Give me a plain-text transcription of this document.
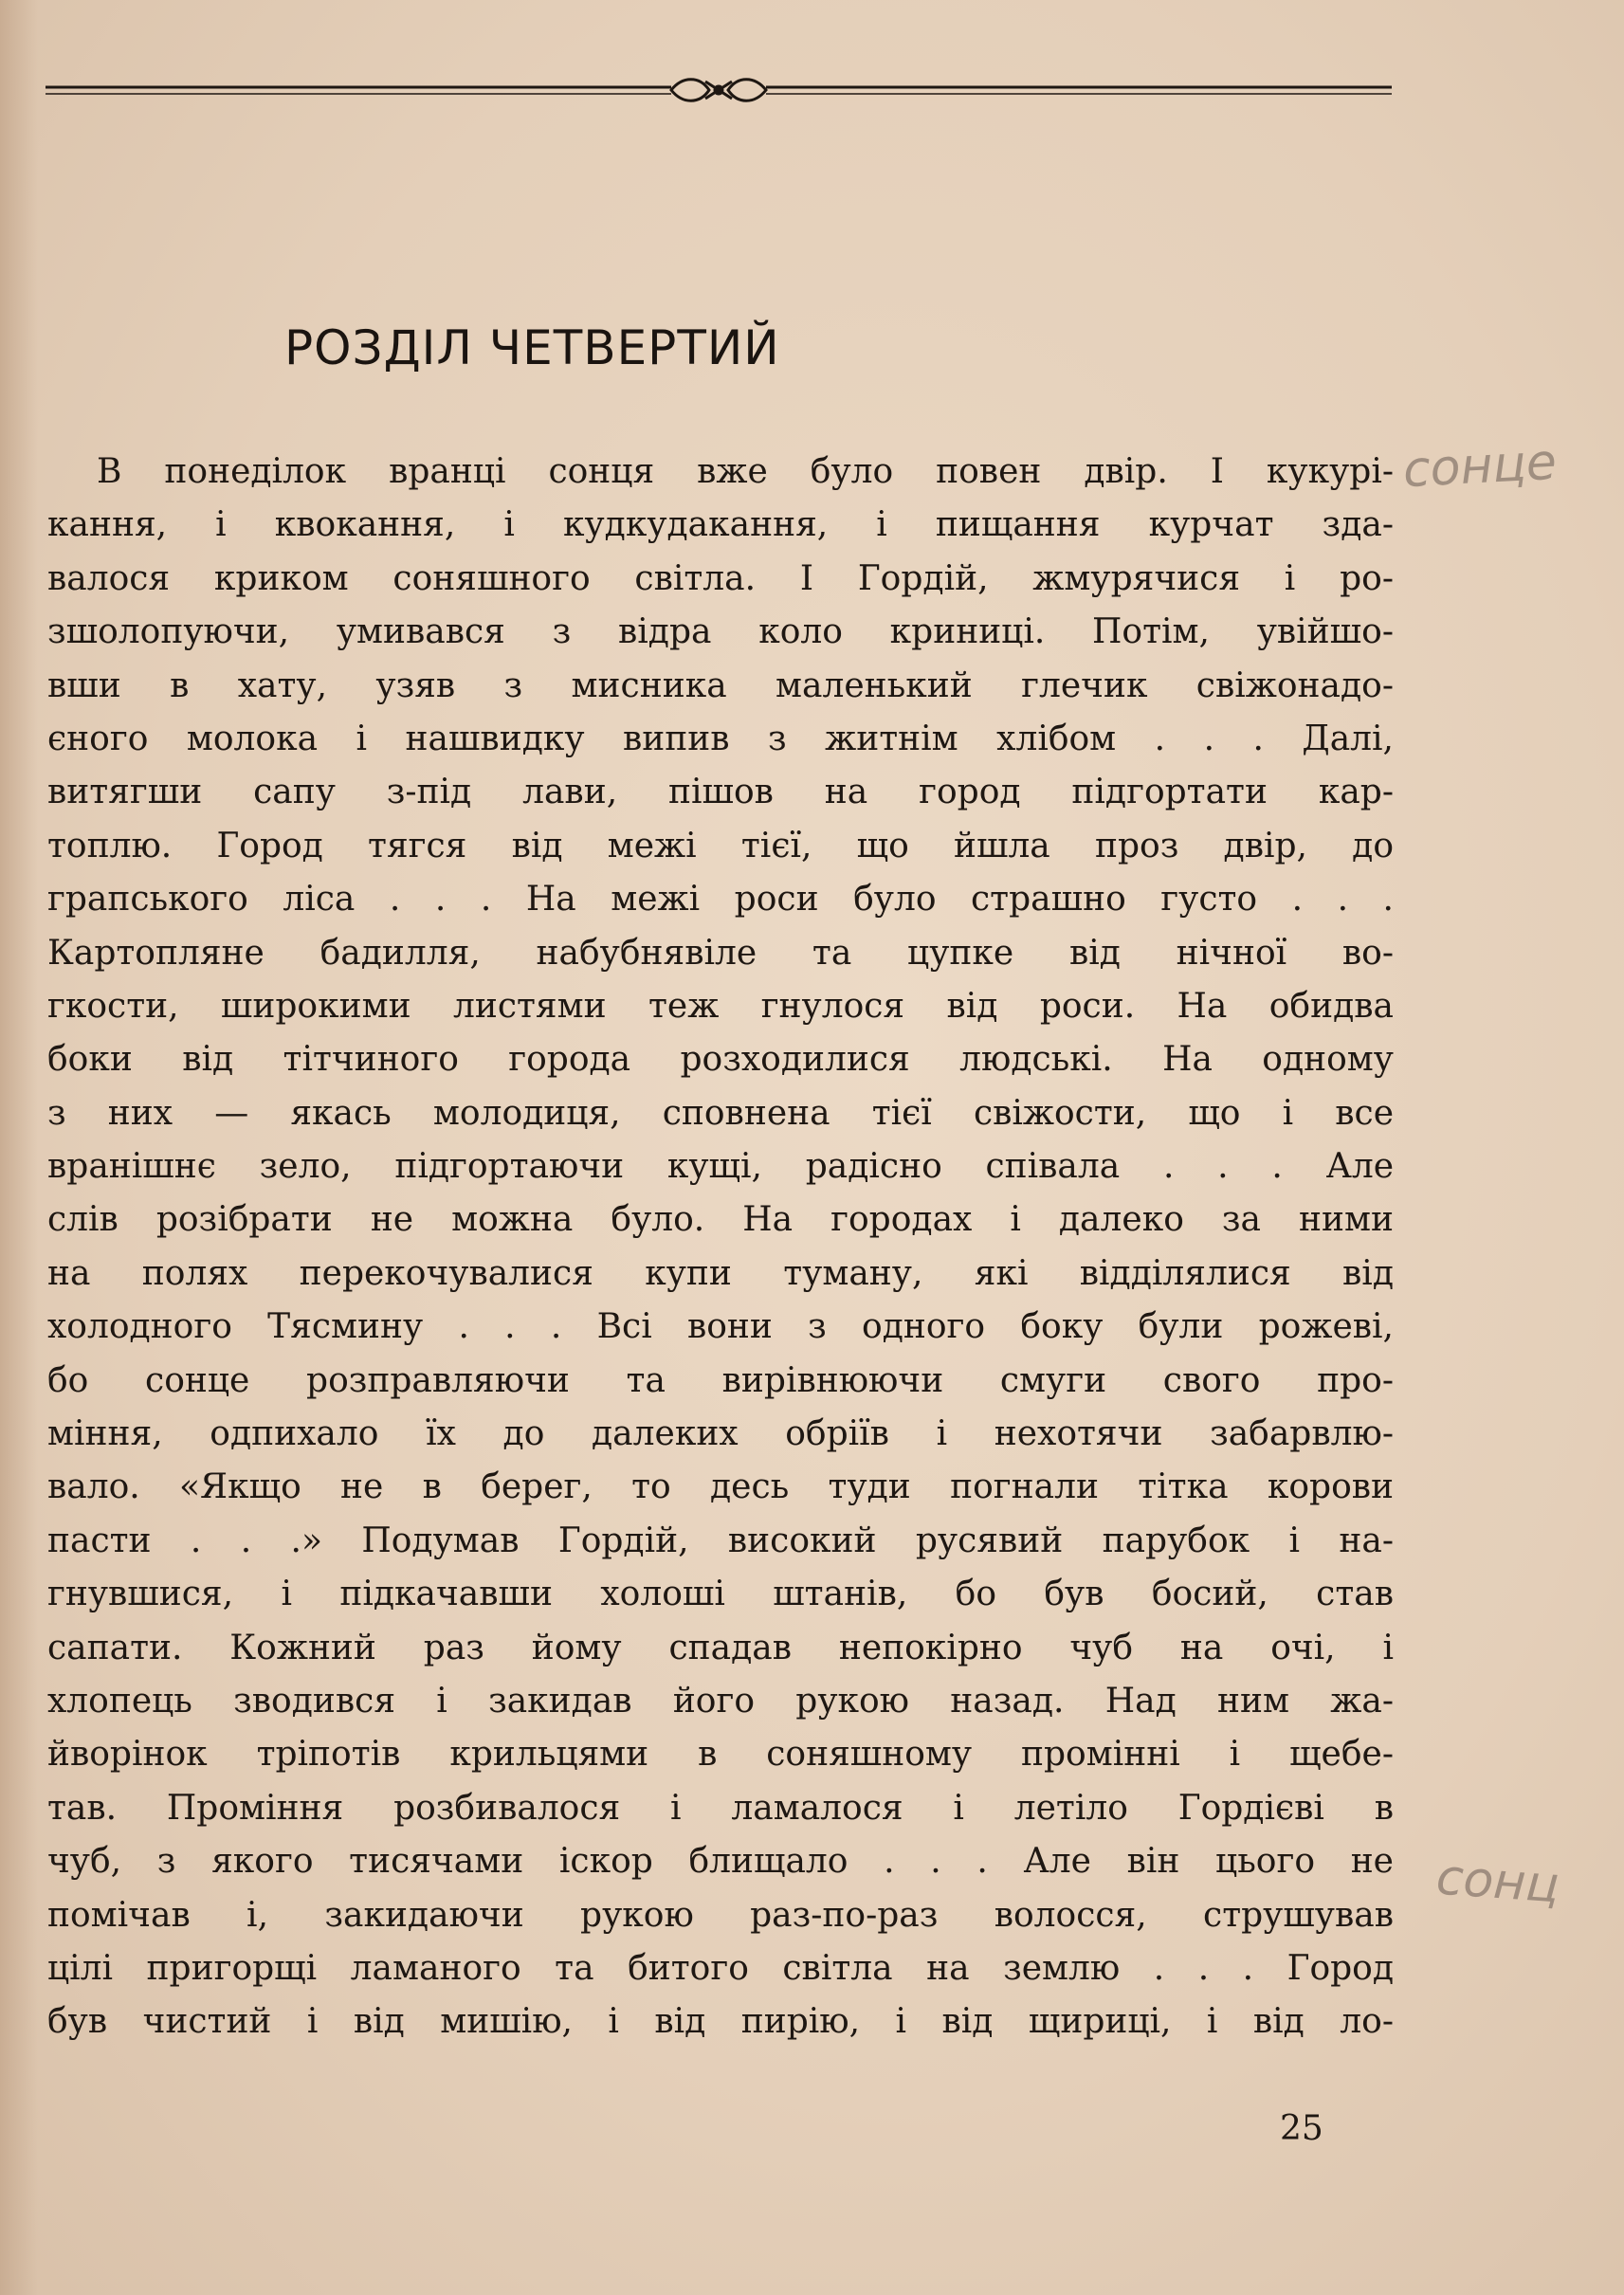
РОЗДІЛ ЧЕТВЕРТИЙ
В понеділок вранці сонця вже було повен двір. І кукурі-
кання, і квокання, і кудкудакання, і пищання курчат зда-
валося криком соняшного світла. І Гордій, жмурячися і ро-
зшолопуючи, умивався з відра коло криниці. Потім, увійшо-
вши в хату, узяв з мисника маленький глечик свіжонадо-
єного молока і нашвидку випив з житнім хлібом . . . Далі,
витягши сапу з-під лави, пішов на город підгортати кар-
топлю. Город тягся від межі тієї, що йшла проз двір, до
грапського ліса . . . На межі роси було страшно густо . . .
Картопляне бадилля, набубнявіле та цупке від нічної во-
гкости, широкими листями теж гнулося від роси. На обидва
боки від тітчиного города розходилися людські. На одному
з них — якась молодиця, сповнена тієї свіжости, що і все
вранішнє зело, підгортаючи кущі, радісно співала . . . Але
слів розібрати не можна було. На городах і далеко за ними
на полях перекочувалися купи туману, які відділялися від
холодного Тясмину . . . Всі вони з одного боку були рожеві,
бо сонце розправляючи та вирівнюючи смуги свого про-
міння, одпихало їх до далеких обріїв і нехотячи забарвлю-
вало. «Якщо не в берег, то десь туди погнали тітка корови
пасти . . .» Подумав Гордій, високий русявий парубок і на-
гнувшися, і підкачавши холоші штанів, бо був босий, став
сапати. Кожний раз йому спадав непокірно чуб на очі, і
хлопець зводився і закидав його рукою назад. Над ним жа-
йворінок тріпотів крильцями в соняшному промінні і щебе-
тав. Проміння розбивалося і ламалося і летіло Гордієві в
чуб, з якого тисячами іскор блищало . . . Але він цього не
помічав і, закидаючи рукою раз-по-раз волосся, струшував
цілі пригорщі ламаного та битого світла на землю . . . Город
був чистий і від мишію, і від пирію, і від щириці, і від ло-
сонце
сонц
25
